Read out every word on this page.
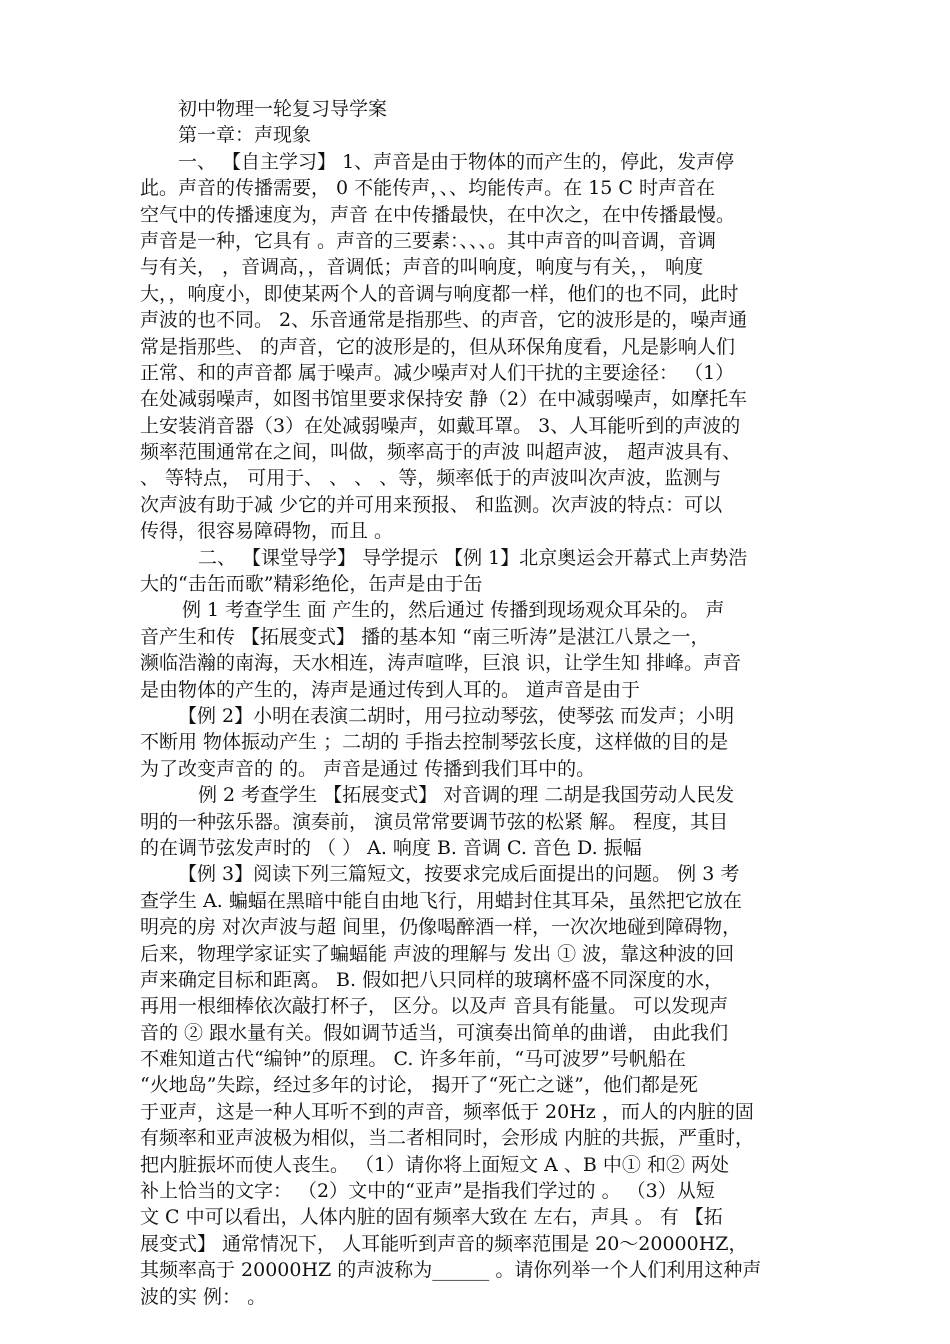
初中物理一轮复习导学案
第一章：声现象
一、 【自主学习】 1、声音是由于物体的而产生的，停此，发声停
此。声音的传播需要， 0 不能传声，、、均能传声。在 15 C 时声音在
空气中的传播速度为，声音 在中传播最快，在中次之，在中传播最慢。
声音是一种，它具有 。声音的三要素：、、、。其中声音的叫音调，音调
与有关， ，音调高，，音调低；声音的叫响度，响度与有关，， 响度
大，，响度小，即使某两个人的音调与响度都一样，他们的也不同，此时
声波的也不同。 2、乐音通常是指那些、的声音，它的波形是的，噪声通
常是指那些、 的声音，它的波形是的，但从环保角度看，凡是影响人们
正常、和的声音都 属于噪声。减少噪声对人们干扰的主要途径： （1）
在处减弱噪声，如图书馆里要求保持安 静（2）在中减弱噪声，如摩托车
上安装消音器（3）在处减弱噪声，如戴耳罩。 3、人耳能听到的声波的
频率范围通常在之间，叫做，频率高于的声波 叫超声波， 超声波具有、
、 等特点， 可用于、 、 、 、等，频率低于的声波叫次声波，监测与
次声波有助于减 少它的并可用来预报、 和监测。次声波的特点：可以
传得，很容易障碍物，而且 。
二、 【课堂导学】 导学提示 【例 1】北京奥运会开幕式上声势浩
大的“击缶而歌”精彩绝伦，缶声是由于缶
例 1 考查学生 面 产生的，然后通过 传播到现场观众耳朵的。 声
音产生和传 【拓展变式】 播的基本知 “南三听涛”是湛江八景之一，
濒临浩瀚的南海，天水相连，涛声喧哗，巨浪 识，让学生知 排峰。声音
是由物体的产生的，涛声是通过传到人耳的。 道声音是由于
【例 2】小明在表演二胡时，用弓拉动琴弦，使琴弦 而发声；小明
不断用 物体振动产生 ；二胡的 手指去控制琴弦长度，这样做的目的是
为了改变声音的 的。 声音是通过 传播到我们耳中的。
例 2 考查学生 【拓展变式】 对音调的理 二胡是我国劳动人民发
明的一种弦乐器。演奏前， 演员常常要调节弦的松紧 解。 程度，其目
的在调节弦发声时的 （ ） A. 响度 B. 音调 C. 音色 D. 振幅
【例 3】阅读下列三篇短文，按要求完成后面提出的问题。 例 3 考
查学生 A. 蝙蝠在黑暗中能自由地飞行，用蜡封住其耳朵，虽然把它放在
明亮的房 对次声波与超 间里，仍像喝醉酒一样，一次次地碰到障碍物，
后来，物理学家证实了蝙蝠能 声波的理解与 发出 ① 波，靠这种波的回
声来确定目标和距离。 B. 假如把八只同样的玻璃杯盛不同深度的水，
再用一根细棒依次敲打杯子， 区分。以及声 音具有能量。 可以发现声
音的 ② 跟水量有关。假如调节适当，可演奏出简单的曲谱， 由此我们
不难知道古代“编钟”的原理。 C. 许多年前，“马可波罗”号帆船在
“火地岛”失踪，经过多年的讨论， 揭开了“死亡之谜”，他们都是死
于亚声，这是一种人耳听不到的声音，频率低于 20Hz ，而人的内脏的固
有频率和亚声波极为相似，当二者相同时，会形成 内脏的共振，严重时，
把内脏振坏而使人丧生。 （1）请你将上面短文 A 、B 中① 和② 两处
补上恰当的文字： （2）文中的“亚声”是指我们学过的 。 （3）从短
文 C 中可以看出，人体内脏的固有频率大致在 左右，声具 。 有 【拓
展变式】 通常情况下， 人耳能听到声音的频率范围是 20～20000HZ，
其频率高于 20000HZ 的声波称为______ 。请你列举一个人们利用这种声
波的实 例： 。
